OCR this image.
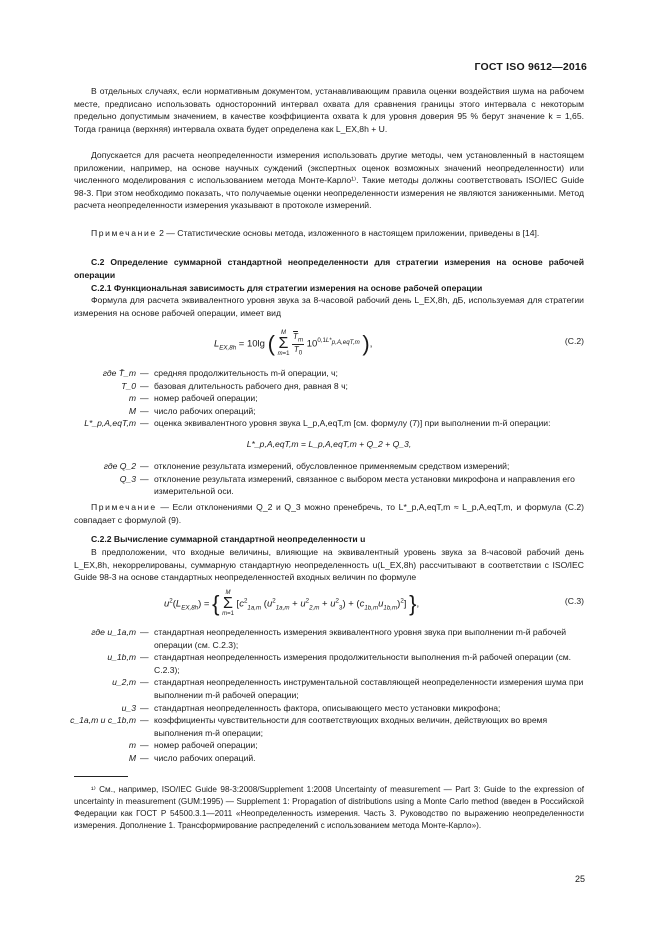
ГОСТ ISO 9612—2016
В отдельных случаях, если нормативным документом, устанавливающим правила оценки воздействия шума на рабочем месте, предписано использовать односторонний интервал охвата для сравнения границы этого интервала с некоторым предельно допустимым значением, в качестве коэффициента охвата k для уровня доверия 95 % берут значение k = 1,65. Тогда граница (верхняя) интервала охвата будет определена как L_EX,8h + U.
Допускается для расчета неопределенности измерения использовать другие методы, чем установленный в настоящем приложении, например, на основе научных суждений (экспертных оценок возможных значений неопределенности) или численного моделирования с использованием метода Монте-Карло¹⁾. Такие методы должны соответствовать ISO/IEC Guide 98-3. При этом необходимо показать, что получаемые оценки неопределенности измерения не являются заниженными. Метод расчета неопределенности измерения указывают в протоколе измерений.
Примечание 2 — Статистические основы метода, изложенного в настоящем приложении, приведены в [14].
C.2 Определение суммарной стандартной неопределенности для стратегии измерения на основе рабочей операции
C.2.1 Функциональная зависимость для стратегии измерения на основе рабочей операции
Формула для расчета эквивалентного уровня звука за 8-часовой рабочий день L_EX,8h, дБ, используемая для стратегии измерения на основе рабочей операции, имеет вид
$L_{EX,8h} = 10\lg$ ( M
Σ
$m=1 \frac{\overline{T}_m}{T_0} 10^{0,1L*_{p,A,eqT,m}}$ ),	(C.2)
где T̄_m — средняя продолжительность m-й операции, ч;
T_0 — базовая длительность рабочего дня, равная 8 ч;
m — номер рабочей операции;
M — число рабочих операций;
L*_p,A,eqT,m — оценка эквивалентного уровня звука L_p,A,eqT,m [см. формулу (7)] при выполнении m-й операции:
L*_p,A,eqT,m = L_p,A,eqT,m + Q_2 + Q_3,
где Q_2 — отклонение результата измерений, обусловленное применяемым средством измерений;
Q_3 — отклонение результата измерений, связанное с выбором места установки микрофона и направления его измерительной оси.
Примечание — Если отклонениями Q_2 и Q_3 можно пренебречь, то L*_p,A,eqT,m ≈ L_p,A,eqT,m, и формула (C.2) совпадает с формулой (9).
C.2.2 Вычисление суммарной стандартной неопределенности u
В предположении, что входные величины, влияющие на эквивалентный уровень звука за 8-часовой рабочий день L_EX,8h, некоррелированы, суммарную стандартную неопределенность u(L_EX,8h) рассчитывают в соответствии с ISO/IEC Guide 98-3 на основе стандартных неопределенностей входных величин по формуле
$u^2(L_{EX,8h})$ = { M
Σ
m=1 [$c^2_{1a,m}$ $(u^2_{1a,m} + u^2_{2,m} + u^2_3) + (c_{1b,m}u_{1b,m})^2$] },	(C.3)
где u_1a,m — стандартная неопределенность измерения эквивалентного уровня звука при выполнении m-й рабочей операции (см. C.2.3);
u_1b,m — стандартная неопределенность измерения продолжительности выполнения m-й рабочей операции (см. C.2.3);
u_2,m — стандартная неопределенность инструментальной составляющей неопределенности измерения шума при выполнении m-й рабочей операции;
u_3 — стандартная неопределенность фактора, описывающего место установки микрофона;
c_1a,m и c_1b,m — коэффициенты чувствительности для соответствующих входных величин, действующих во время выполнения m-й операции;
m — номер рабочей операции;
M — число рабочих операций.
¹⁾ См., например, ISO/IEC Guide 98-3:2008/Supplement 1:2008 Uncertainty of measurement — Part 3: Guide to the expression of uncertainty in measurement (GUM:1995) — Supplement 1: Propagation of distributions using a Monte Carlo method (введен в Российской Федерации как ГОСТ Р 54500.3.1—2011 «Неопределенность измерения. Часть 3. Руководство по выражению неопределенности измерения. Дополнение 1. Трансформирование распределений с использованием метода Монте-Карло»).
25
